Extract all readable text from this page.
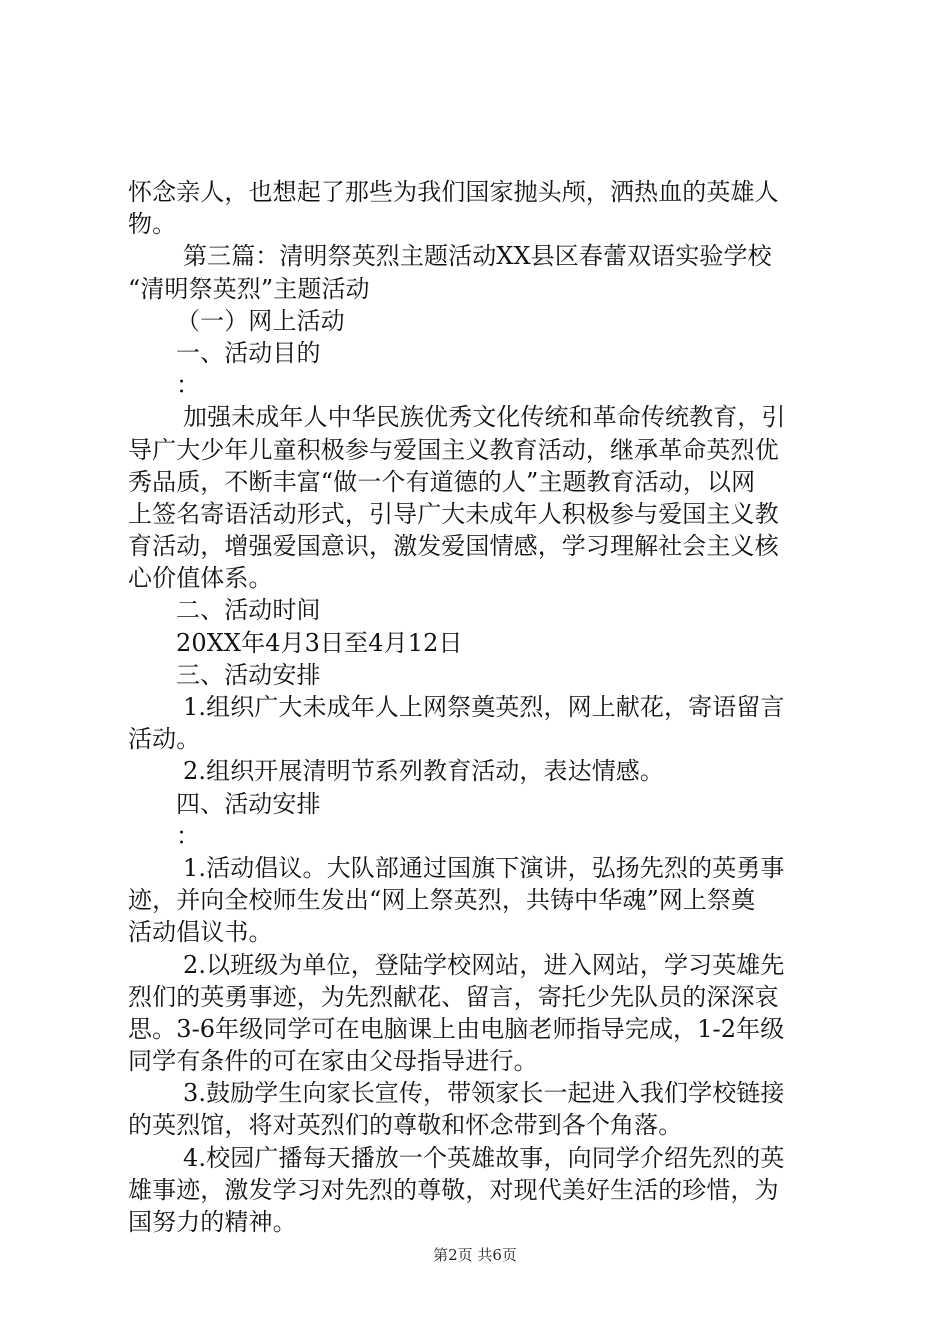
怀念亲人，也想起了那些为我们国家抛头颅，洒热血的英雄人
物。
第三篇：清明祭英烈主题活动XX县区春蕾双语实验学校
“清明祭英烈”主题活动
（一）网上活动
一、活动目的
：
加强未成年人中华民族优秀文化传统和革命传统教育，引
导广大少年儿童积极参与爱国主义教育活动，继承革命英烈优
秀品质，不断丰富“做一个有道德的人”主题教育活动，以网
上签名寄语活动形式，引导广大未成年人积极参与爱国主义教
育活动，增强爱国意识，激发爱国情感，学习理解社会主义核
心价值体系。
二、活动时间
20XX年4月3日至4月12日
三、活动安排
1.组织广大未成年人上网祭奠英烈，网上献花，寄语留言
活动。
2.组织开展清明节系列教育活动，表达情感。
四、活动安排
：
1.活动倡议。大队部通过国旗下演讲，弘扬先烈的英勇事
迹，并向全校师生发出“网上祭英烈，共铸中华魂”网上祭奠
活动倡议书。
2.以班级为单位，登陆学校网站，进入网站，学习英雄先
烈们的英勇事迹，为先烈献花、留言，寄托少先队员的深深哀
思。3-6年级同学可在电脑课上由电脑老师指导完成，1-2年级
同学有条件的可在家由父母指导进行。
3.鼓励学生向家长宣传，带领家长一起进入我们学校链接
的英烈馆，将对英烈们的尊敬和怀念带到各个角落。
4.校园广播每天播放一个英雄故事，向同学介绍先烈的英
雄事迹，激发学习对先烈的尊敬，对现代美好生活的珍惜，为
国努力的精神。
第2页 共6页
